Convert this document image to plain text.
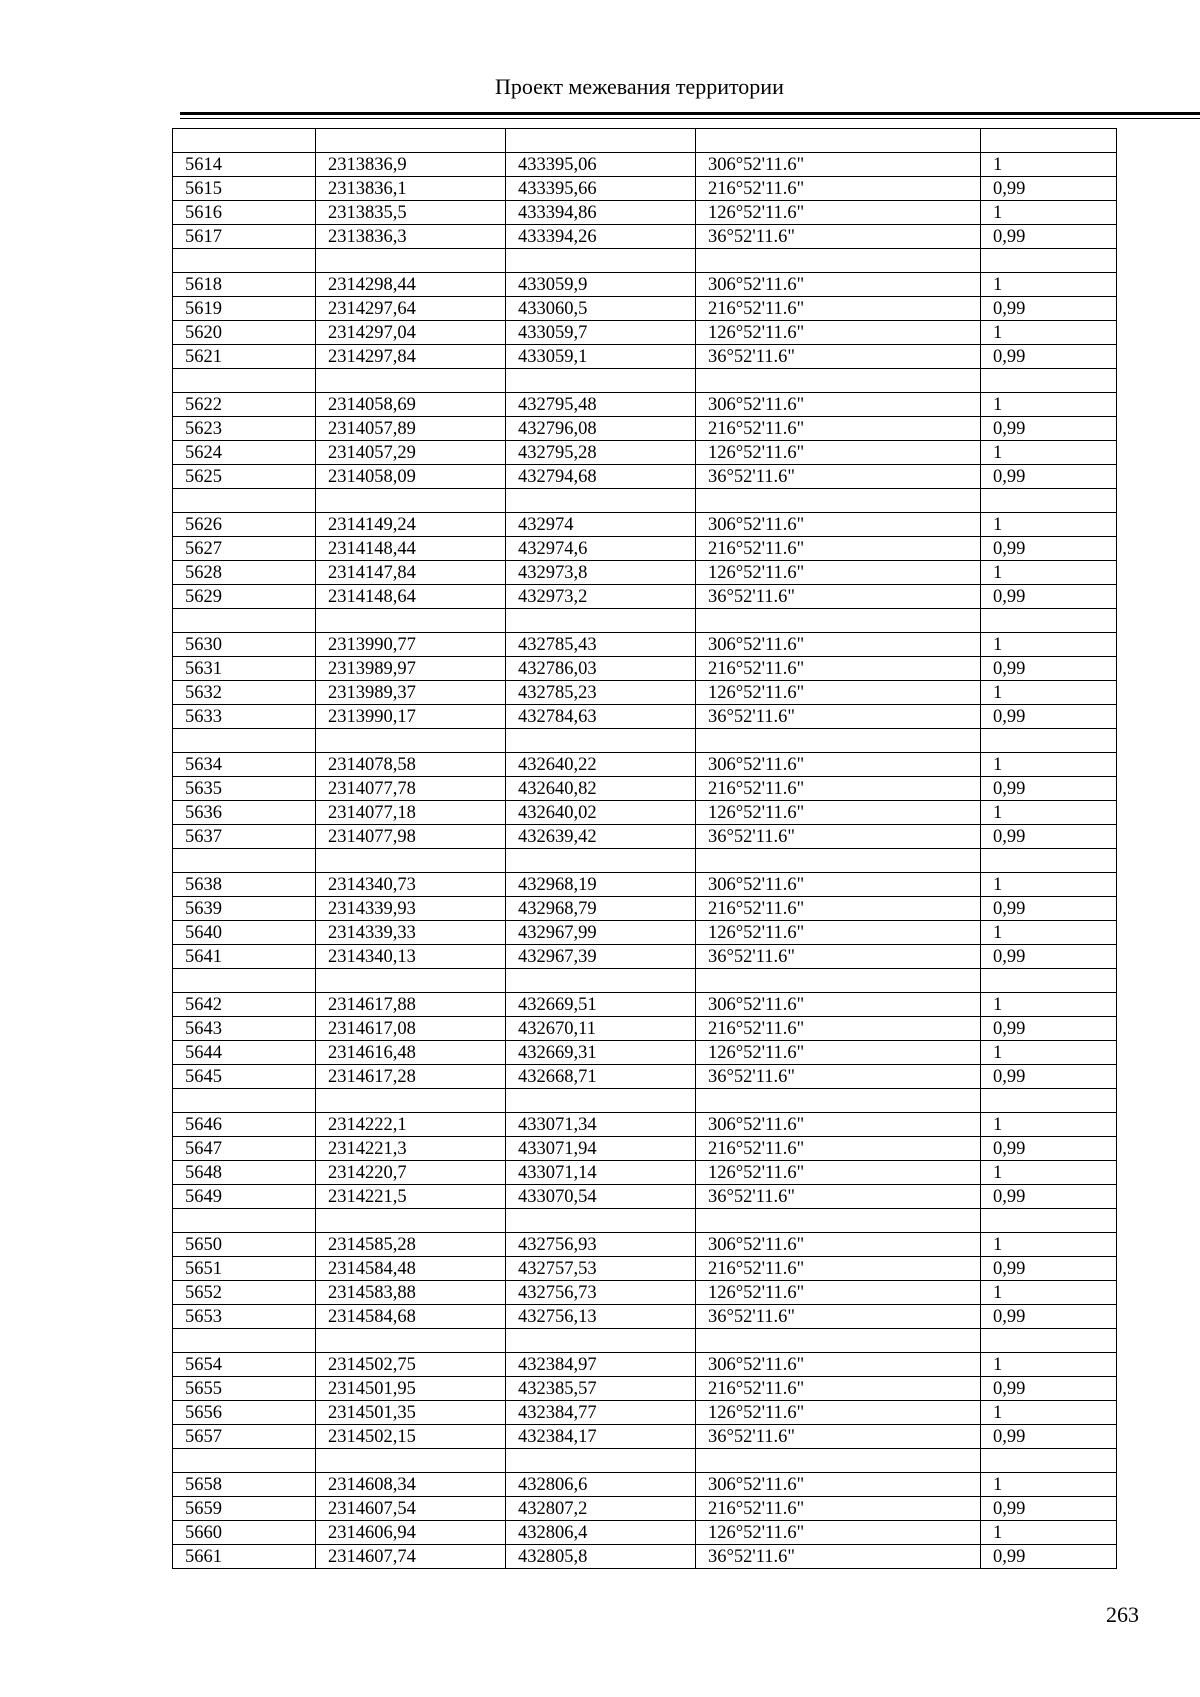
Проект межевания территории

5614	2313836,9	433395,06	306°52'11.6"	1
5615	2313836,1	433395,66	216°52'11.6"	0,99
5616	2313835,5	433394,86	126°52'11.6"	1
5617	2313836,3	433394,26	36°52'11.6"	0,99

5618	2314298,44	433059,9	306°52'11.6"	1
5619	2314297,64	433060,5	216°52'11.6"	0,99
5620	2314297,04	433059,7	126°52'11.6"	1
5621	2314297,84	433059,1	36°52'11.6"	0,99

5622	2314058,69	432795,48	306°52'11.6"	1
5623	2314057,89	432796,08	216°52'11.6"	0,99
5624	2314057,29	432795,28	126°52'11.6"	1
5625	2314058,09	432794,68	36°52'11.6"	0,99

5626	2314149,24	432974	306°52'11.6"	1
5627	2314148,44	432974,6	216°52'11.6"	0,99
5628	2314147,84	432973,8	126°52'11.6"	1
5629	2314148,64	432973,2	36°52'11.6"	0,99

5630	2313990,77	432785,43	306°52'11.6"	1
5631	2313989,97	432786,03	216°52'11.6"	0,99
5632	2313989,37	432785,23	126°52'11.6"	1
5633	2313990,17	432784,63	36°52'11.6"	0,99

5634	2314078,58	432640,22	306°52'11.6"	1
5635	2314077,78	432640,82	216°52'11.6"	0,99
5636	2314077,18	432640,02	126°52'11.6"	1
5637	2314077,98	432639,42	36°52'11.6"	0,99

5638	2314340,73	432968,19	306°52'11.6"	1
5639	2314339,93	432968,79	216°52'11.6"	0,99
5640	2314339,33	432967,99	126°52'11.6"	1
5641	2314340,13	432967,39	36°52'11.6"	0,99

5642	2314617,88	432669,51	306°52'11.6"	1
5643	2314617,08	432670,11	216°52'11.6"	0,99
5644	2314616,48	432669,31	126°52'11.6"	1
5645	2314617,28	432668,71	36°52'11.6"	0,99

5646	2314222,1	433071,34	306°52'11.6"	1
5647	2314221,3	433071,94	216°52'11.6"	0,99
5648	2314220,7	433071,14	126°52'11.6"	1
5649	2314221,5	433070,54	36°52'11.6"	0,99

5650	2314585,28	432756,93	306°52'11.6"	1
5651	2314584,48	432757,53	216°52'11.6"	0,99
5652	2314583,88	432756,73	126°52'11.6"	1
5653	2314584,68	432756,13	36°52'11.6"	0,99

5654	2314502,75	432384,97	306°52'11.6"	1
5655	2314501,95	432385,57	216°52'11.6"	0,99
5656	2314501,35	432384,77	126°52'11.6"	1
5657	2314502,15	432384,17	36°52'11.6"	0,99

5658	2314608,34	432806,6	306°52'11.6"	1
5659	2314607,54	432807,2	216°52'11.6"	0,99
5660	2314606,94	432806,4	126°52'11.6"	1
5661	2314607,74	432805,8	36°52'11.6"	0,99
263
